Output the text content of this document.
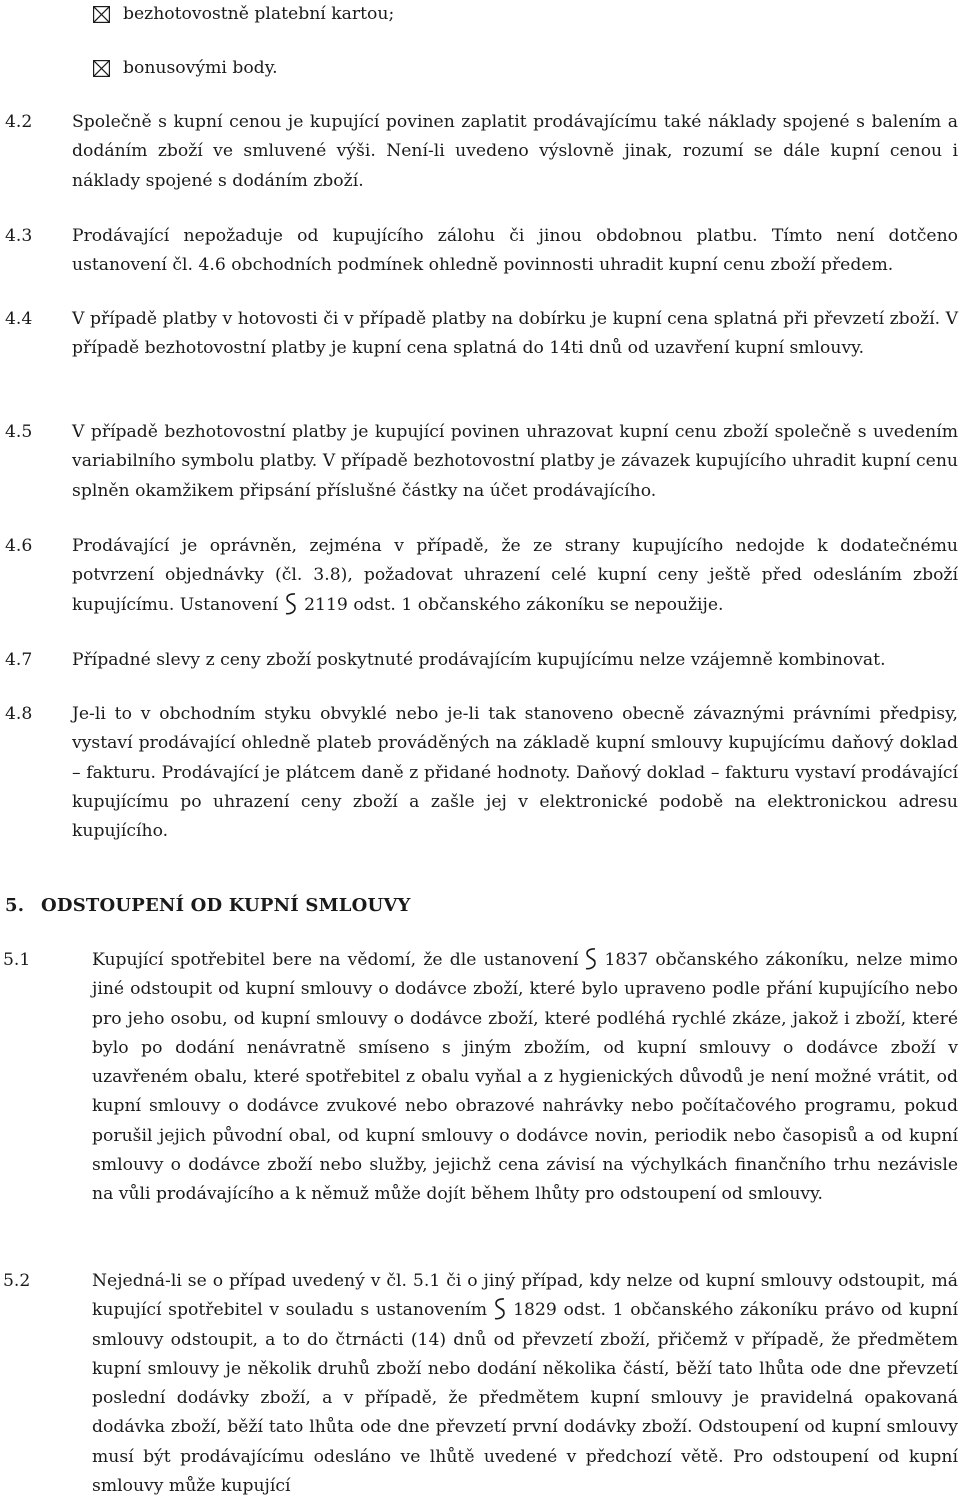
bezhotovostně platební kartou;
bonusovými body.
4.2 Společně s kupní cenou je kupující povinen zaplatit prodávajícímu také náklady spojené s balením a dodáním zboží ve smluvené výši. Není-li uvedeno výslovně jinak, rozumí se dále kupní cenou i náklady spojené s dodáním zboží.

4.3 Prodávající nepožaduje od kupujícího zálohu či jinou obdobnou platbu. Tímto není dotčeno ustanovení čl. 4.6 obchodních podmínek ohledně povinnosti uhradit kupní cenu zboží předem.

4.4 V případě platby v hotovosti či v případě platby na dobírku je kupní cena splatná při převzetí zboží. V případě bezhotovostní platby je kupní cena splatná do 14ti dnů od uzavření kupní smlouvy.

4.5 V případě bezhotovostní platby je kupující povinen uhrazovat kupní cenu zboží společně s uvedením variabilního symbolu platby. V případě bezhotovostní platby je závazek kupujícího uhradit kupní cenu splněn okamžikem připsání příslušné částky na účet prodávajícího.

4.6 Prodávající je oprávněn, zejména v případě, že ze strany kupujícího nedojde k dodatečnému potvrzení objednávky (čl. 3.8), požadovat uhrazení celé kupní ceny ještě před odesláním zboží kupujícímu. Ustanovení 2119 odst. 1 občanského zákoníku se nepoužije.

4.7 Případné slevy z ceny zboží poskytnuté prodávajícím kupujícímu nelze vzájemně kombinovat.

4.8 Je-li to v obchodním styku obvyklé nebo je-li tak stanoveno obecně závaznými právními předpisy, vystaví prodávající ohledně plateb prováděných na základě kupní smlouvy kupujícímu daňový doklad – fakturu. Prodávající je plátcem daně z přidané hodnoty. Daňový doklad – fakturu vystaví prodávající kupujícímu po uhrazení ceny zboží a zašle jej v elektronické podobě na elektronickou adresu kupujícího.

5. ODSTOUPENÍ OD KUPNÍ SMLOUVY
5.1	Kupující spotřebitel bere na vědomí, že dle ustanovení 1837 občanského zákoníku, nelze mimo jiné odstoupit od kupní smlouvy o dodávce zboží, které bylo upraveno podle přání kupujícího nebo pro jeho osobu, od kupní smlouvy o dodávce zboží, které podléhá rychlé zkáze, jakož i zboží, které bylo po dodání nenávratně smíseno s jiným zbožím, od kupní smlouvy o dodávce zboží v uzavřeném obalu, které spotřebitel z obalu vyňal a z hygienických důvodů je není možné vrátit, od kupní smlouvy o dodávce zvukové nebo obrazové nahrávky nebo počítačového programu, pokud porušil jejich původní obal, od kupní smlouvy o dodávce novin, periodik nebo časopisů a od kupní smlouvy o dodávce zboží nebo služby, jejichž cena závisí na výchylkách finančního trhu nezávisle na vůli prodávajícího a k němuž může dojít během lhůty pro odstoupení od smlouvy.

5.2	Nejedná-li se o případ uvedený v čl. 5.1 či o jiný případ, kdy nelze od kupní smlouvy odstoupit, má kupující spotřebitel v souladu s ustanovením 1829 odst. 1 občanského zákoníku právo od kupní smlouvy odstoupit, a to do čtrnácti (14) dnů od převzetí zboží, přičemž v případě, že předmětem kupní smlouvy je několik druhů zboží nebo dodání několika částí, běží tato lhůta ode dne převzetí poslední dodávky zboží, a v případě, že předmětem kupní smlouvy je pravidelná opakovaná dodávka zboží, běží tato lhůta ode dne převzetí první dodávky zboží. Odstoupení od kupní smlouvy musí být prodávajícímu odesláno ve lhůtě uvedené v předchozí větě. Pro odstoupení od kupní smlouvy může kupující
